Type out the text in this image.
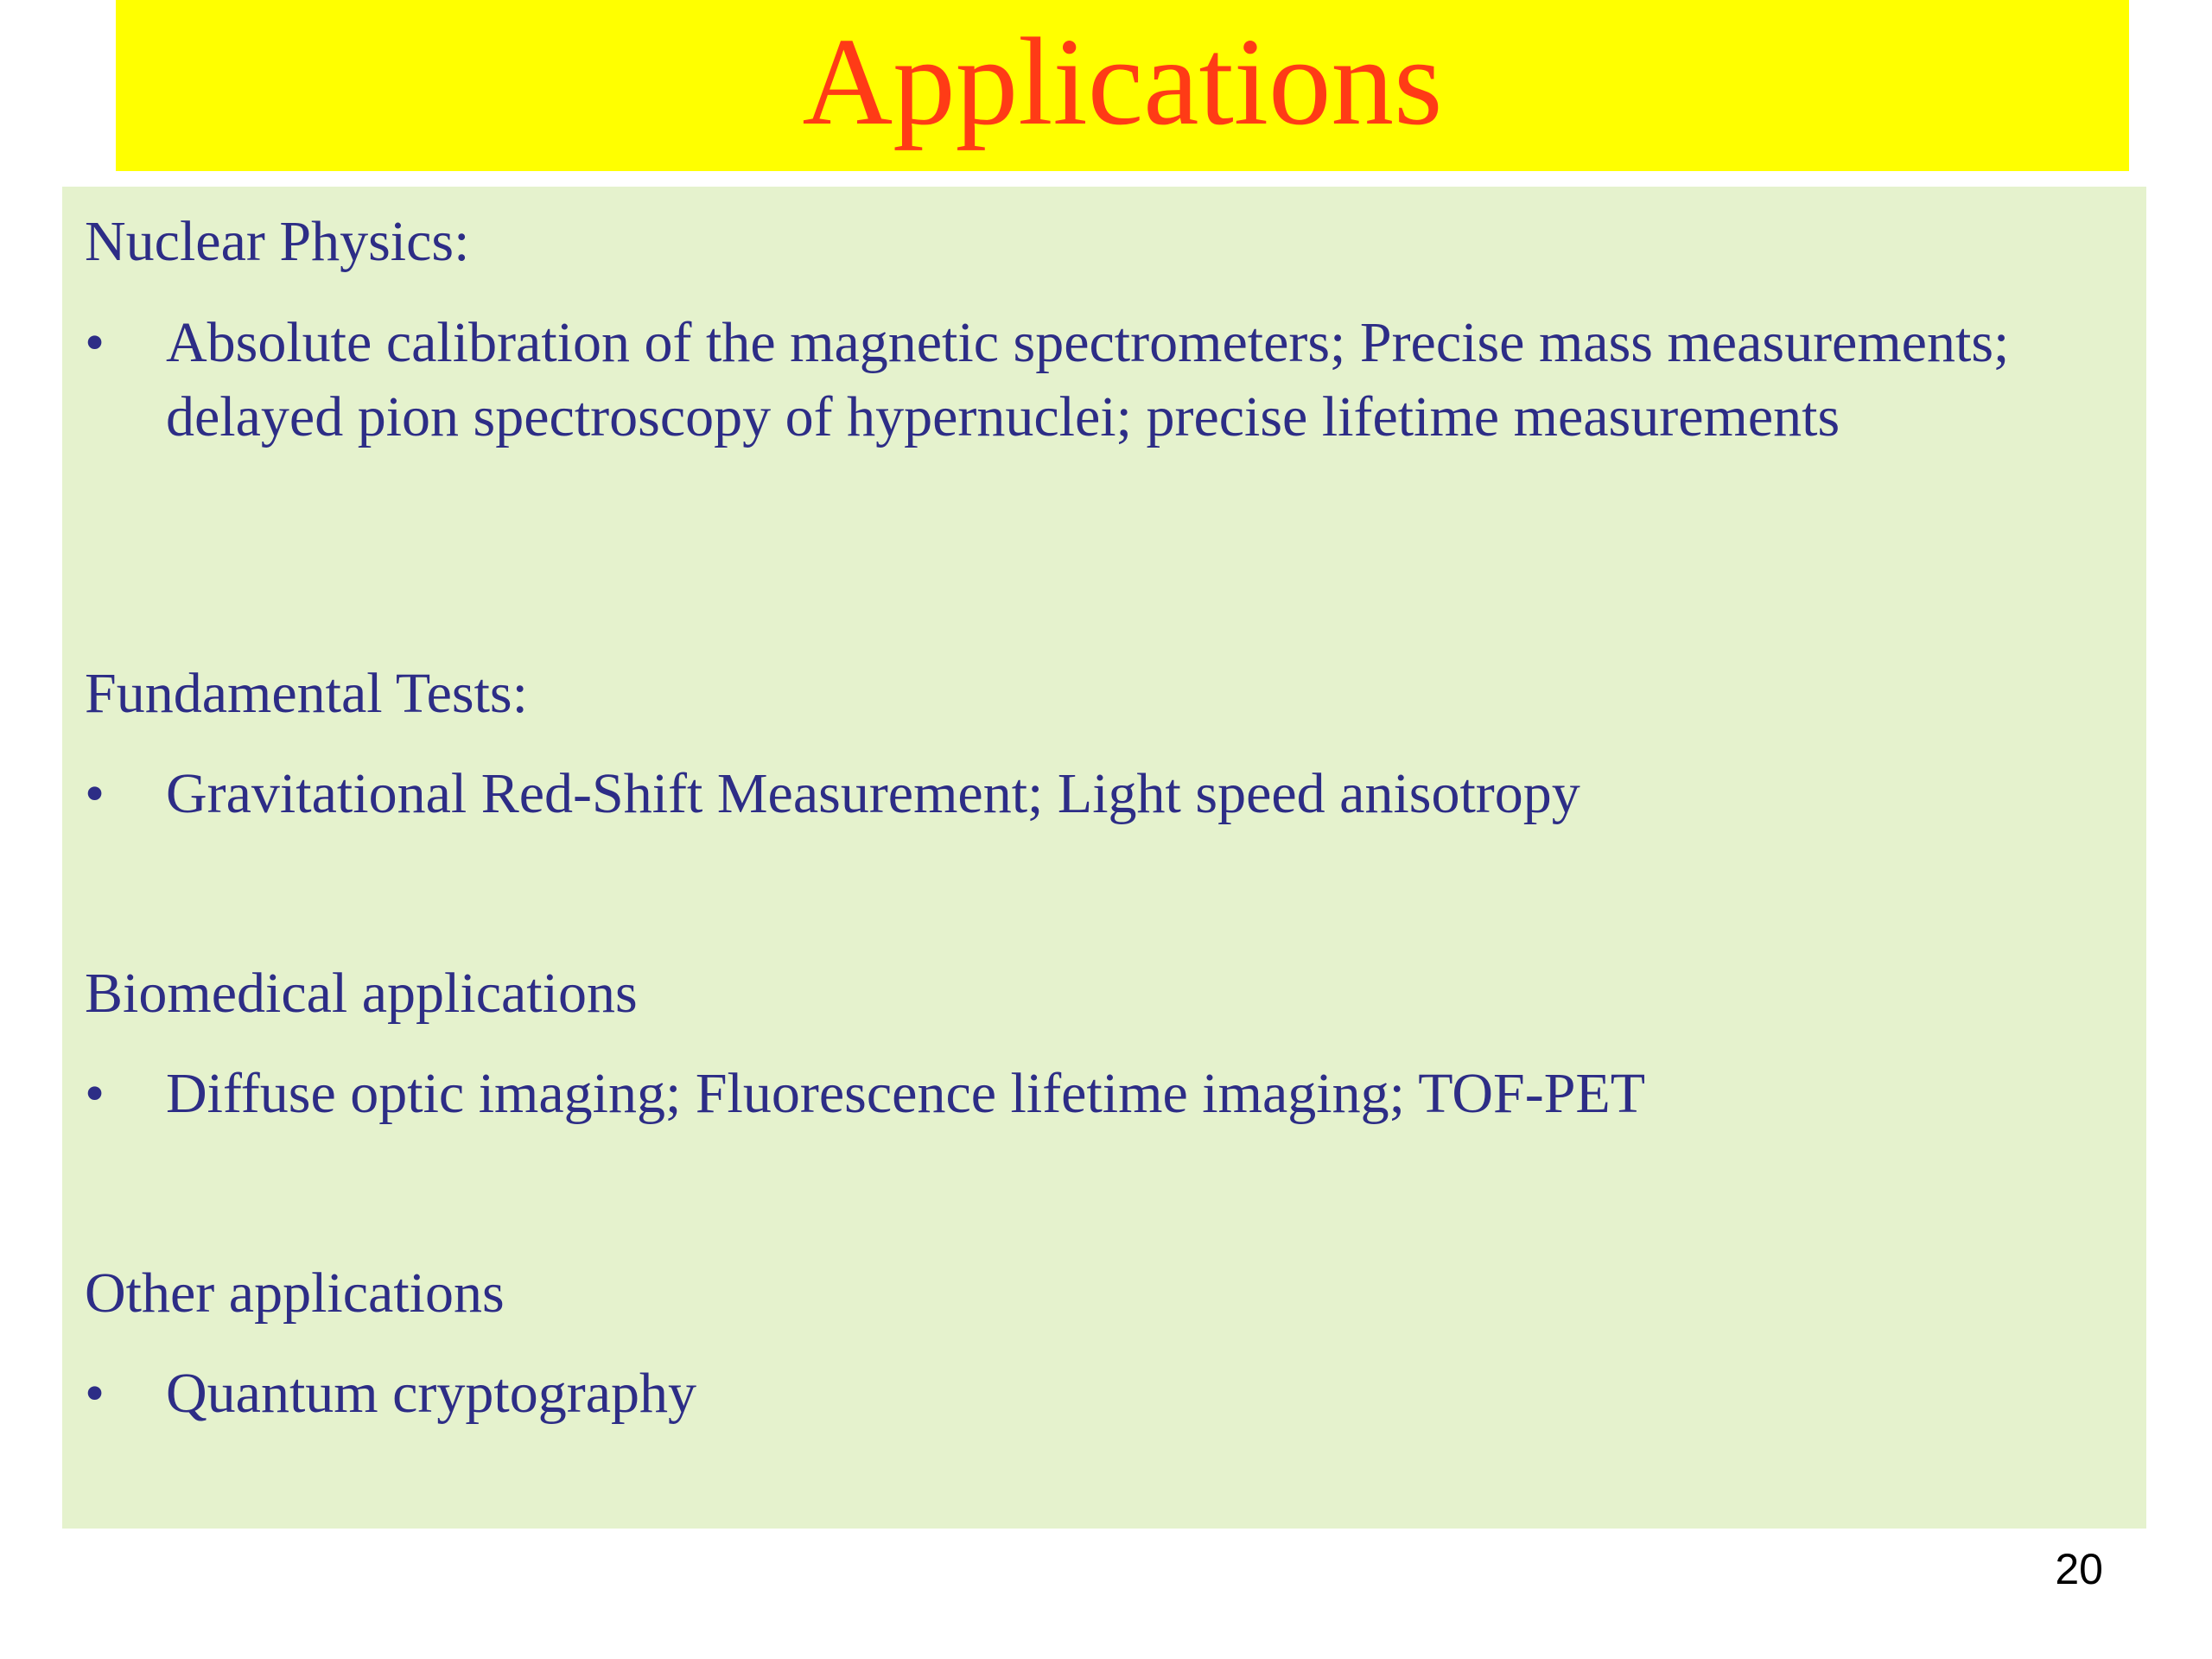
Applications
Nuclear Physics:
•	Absolute calibration of the magnetic spectrometers; Precise mass measurements; delayed pion spectroscopy of hypernuclei; precise lifetime measurements
Fundamental Tests:
•	Gravitational Red-Shift Measurement; Light speed anisotropy
Biomedical applications
•	Diffuse optic imaging; Fluorescence lifetime imaging; TOF-PET
Other applications
•	Quantum cryptography
20
